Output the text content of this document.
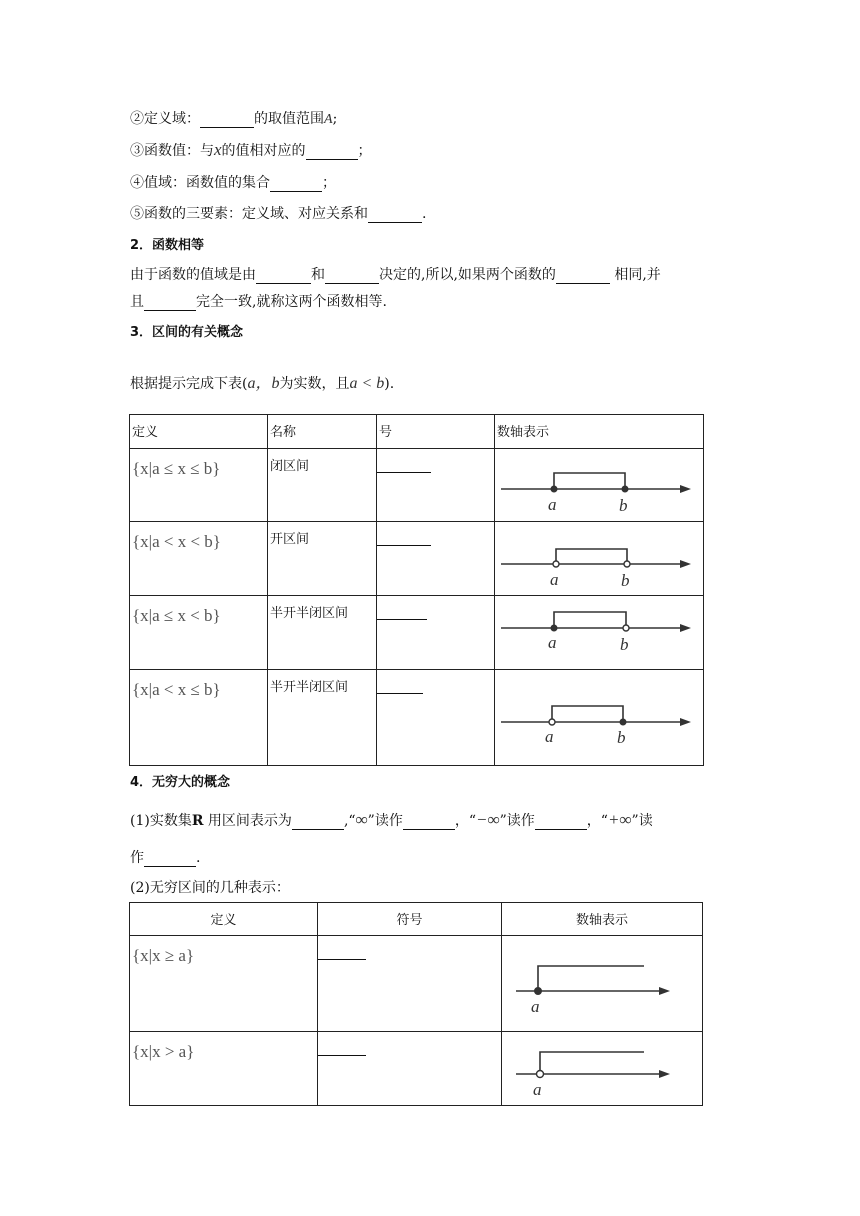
②定义域：	的取值范围A;
③函数值：与x的值相对应的	；
④值域：函数值的集合	；
⑤函数的三要素：定义域、对应关系和	.
2．函数相等
由于函数的值域是由	和	决定的,所以,如果两个函数的	相同,并
且	完全一致,就称这两个函数相等.
3．区间的有关概念
根据提示完成下表(a，b为实数，且a < b).
定义	名称	号	数轴表示

{x|a ≤ x ≤ b}	闭区间		a b

{x|a < x < b}	开区间		a b

{x|a ≤ x < b}	半开半闭区间		a b

{x|a < x ≤ b}	半开半闭区间		a b
4．无穷大的概念
(1)实数集R 用区间表示为	,“∞”读作	，“−∞”读作	，“+∞”读
作	.
(2)无穷区间的几种表示：
定义	符号	数轴表示

{x|x ≥ a}		a

{x|x > a}		a
